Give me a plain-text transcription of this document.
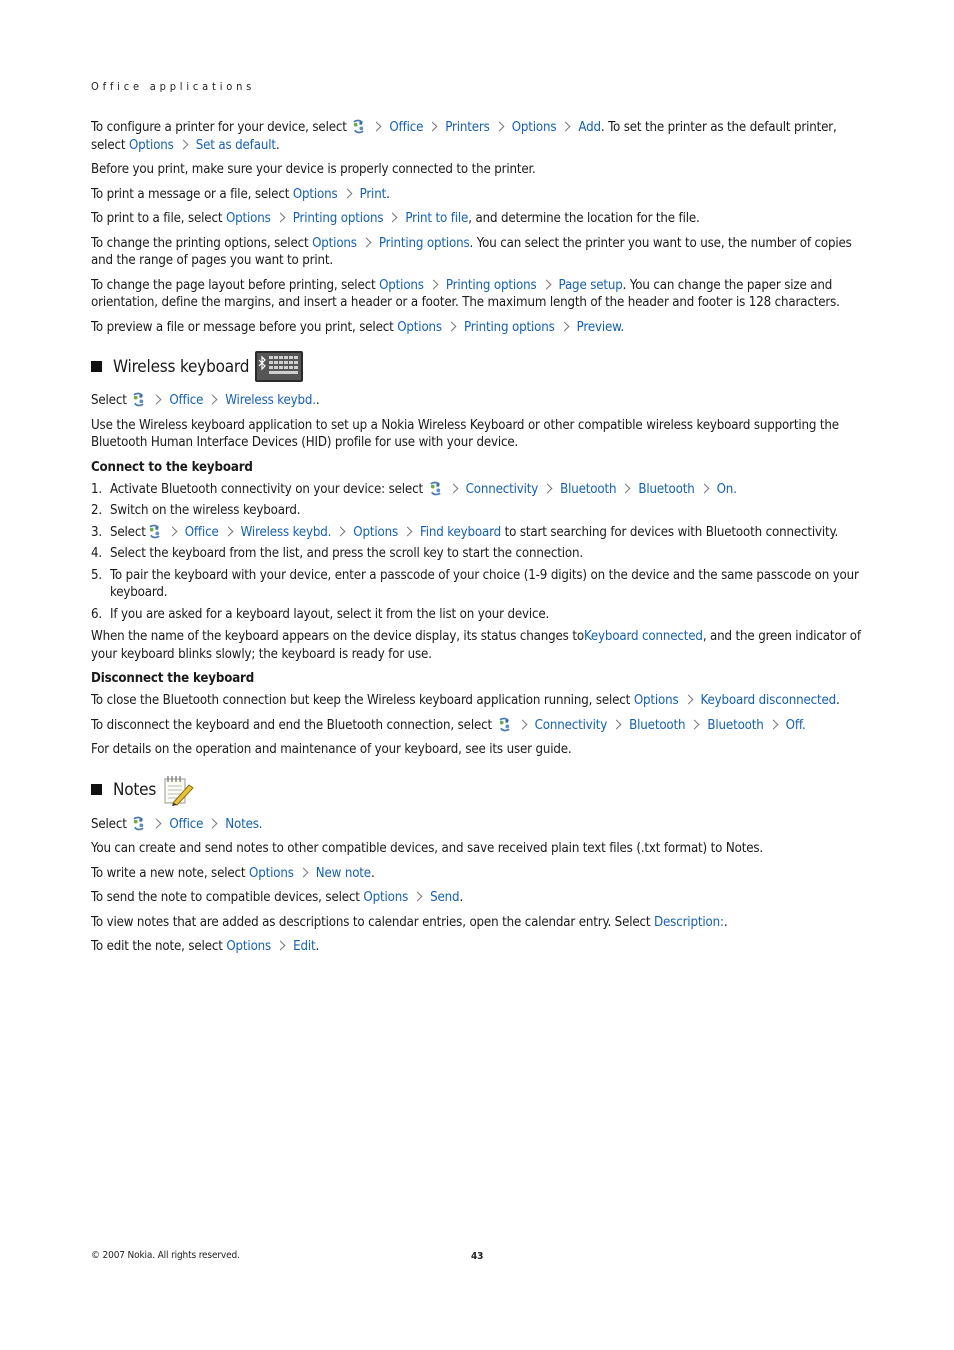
Office applications

To configure a printer for your device, select	Office Printers Options Add. To set the printer as the default printer, select Options Set as default.

Before you print, make sure your device is properly connected to the printer.

To print a message or a file, select Options Print.

To print to a file, select Options Printing options Print to file, and determine the location for the file.

To change the printing options, select Options Printing options. You can select the printer you want to use, the number of copies and the range of pages you want to print.

To change the page layout before printing, select Options Printing options Page setup. You can change the paper size and orientation, define the margins, and insert a header or a footer. The maximum length of the header and footer is 128 characters.

To preview a file or message before you print, select Options Printing options Preview.

Wireless keyboard

Select	Office Wireless keybd..

Use the Wireless keyboard application to set up a Nokia Wireless Keyboard or other compatible wireless keyboard supporting the Bluetooth Human Interface Devices (HID) profile for use with your device.

Connect to the keyboard
1. Activate Bluetooth connectivity on your device: select	Connectivity Bluetooth Bluetooth On.
2. Switch on the wireless keyboard.
3. Select	Office Wireless keybd. Options Find keyboard to start searching for devices with Bluetooth connectivity.
4. Select the keyboard from the list, and press the scroll key to start the connection.
5. To pair the keyboard with your device, enter a passcode of your choice (1-9 digits) on the device and the same passcode on your keyboard.
6. If you are asked for a keyboard layout, select it from the list on your device.

When the name of the keyboard appears on the device display, its status changes toKeyboard connected, and the green indicator of your keyboard blinks slowly; the keyboard is ready for use.

Disconnect the keyboard

To close the Bluetooth connection but keep the Wireless keyboard application running, select Options Keyboard disconnected.

To disconnect the keyboard and end the Bluetooth connection, select	Connectivity Bluetooth Bluetooth Off.

For details on the operation and maintenance of your keyboard, see its user guide.

Notes

Select	Office Notes.

You can create and send notes to other compatible devices, and save received plain text files (.txt format) to Notes.

To write a new note, select Options New note.

To send the note to compatible devices, select Options Send.

To view notes that are added as descriptions to calendar entries, open the calendar entry. Select Description:.

To edit the note, select Options Edit.

© 2007 Nokia. All rights reserved.	43
